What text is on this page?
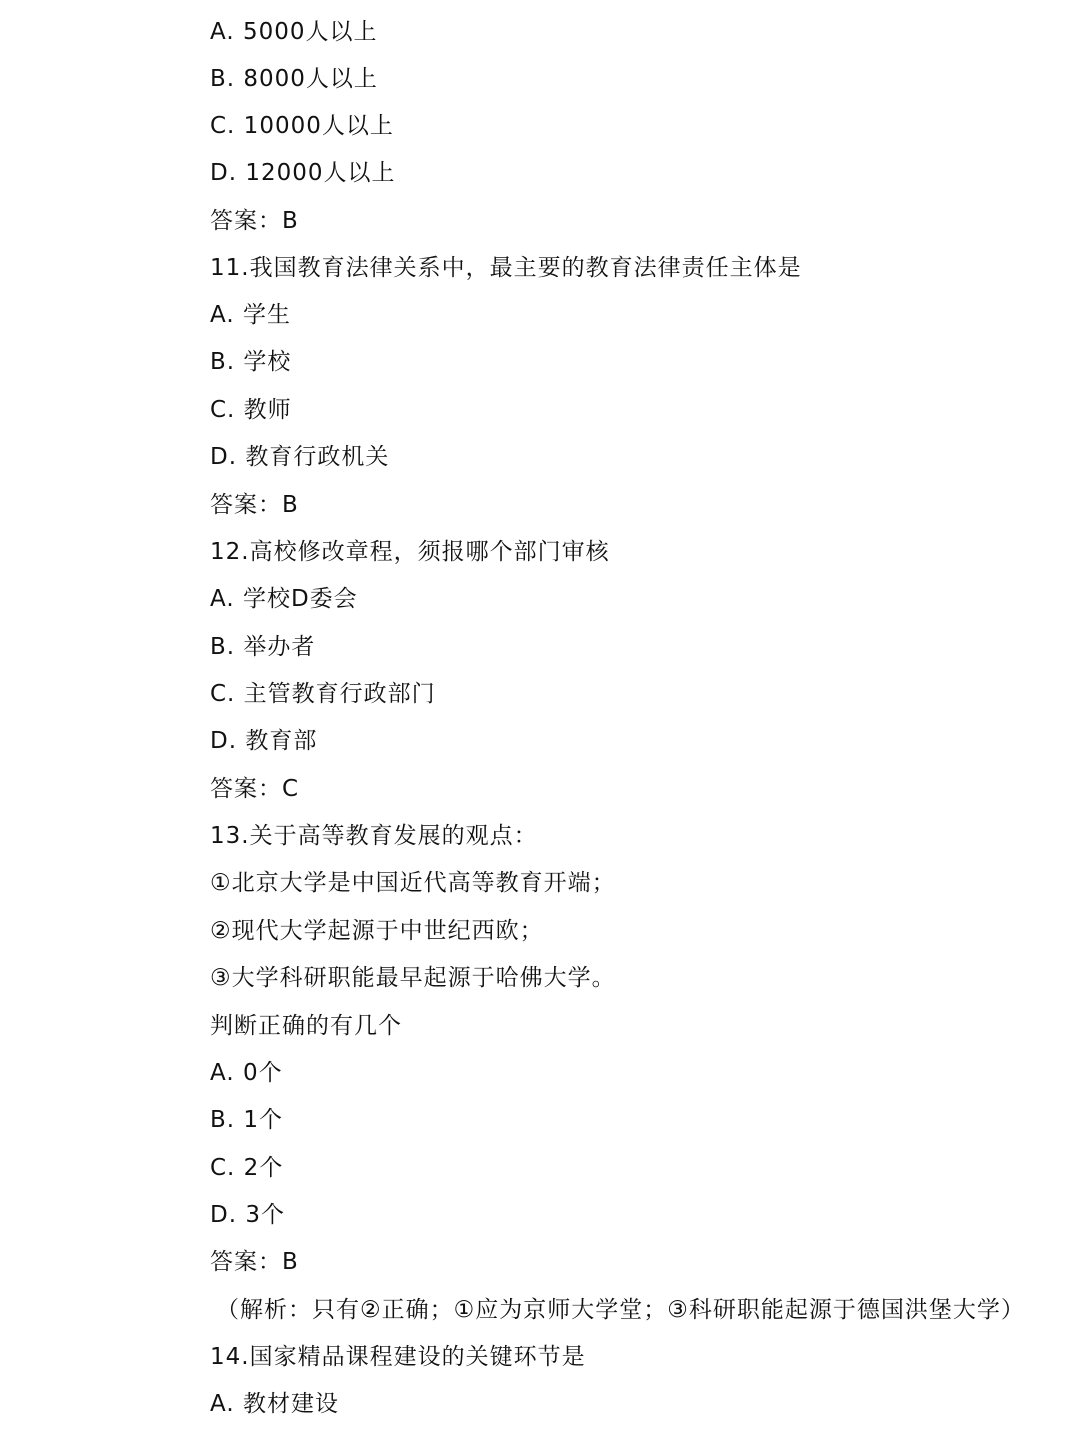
A. 5000人以上
B. 8000人以上
C. 10000人以上
D. 12000人以上
答案：B
11.我国教育法律关系中，最主要的教育法律责任主体是
A. 学生
B. 学校
C. 教师
D. 教育行政机关
答案：B
12.高校修改章程，须报哪个部门审核
A. 学校D委会
B. 举办者
C. 主管教育行政部门
D. 教育部
答案：C
13.关于高等教育发展的观点：
①北京大学是中国近代高等教育开端；
②现代大学起源于中世纪西欧；
③大学科研职能最早起源于哈佛大学。
判断正确的有几个
A. 0个
B. 1个
C. 2个
D. 3个
答案：B
（解析：只有②正确；①应为京师大学堂；③科研职能起源于德国洪堡大学）
14.国家精品课程建设的关键环节是
A. 教材建设
